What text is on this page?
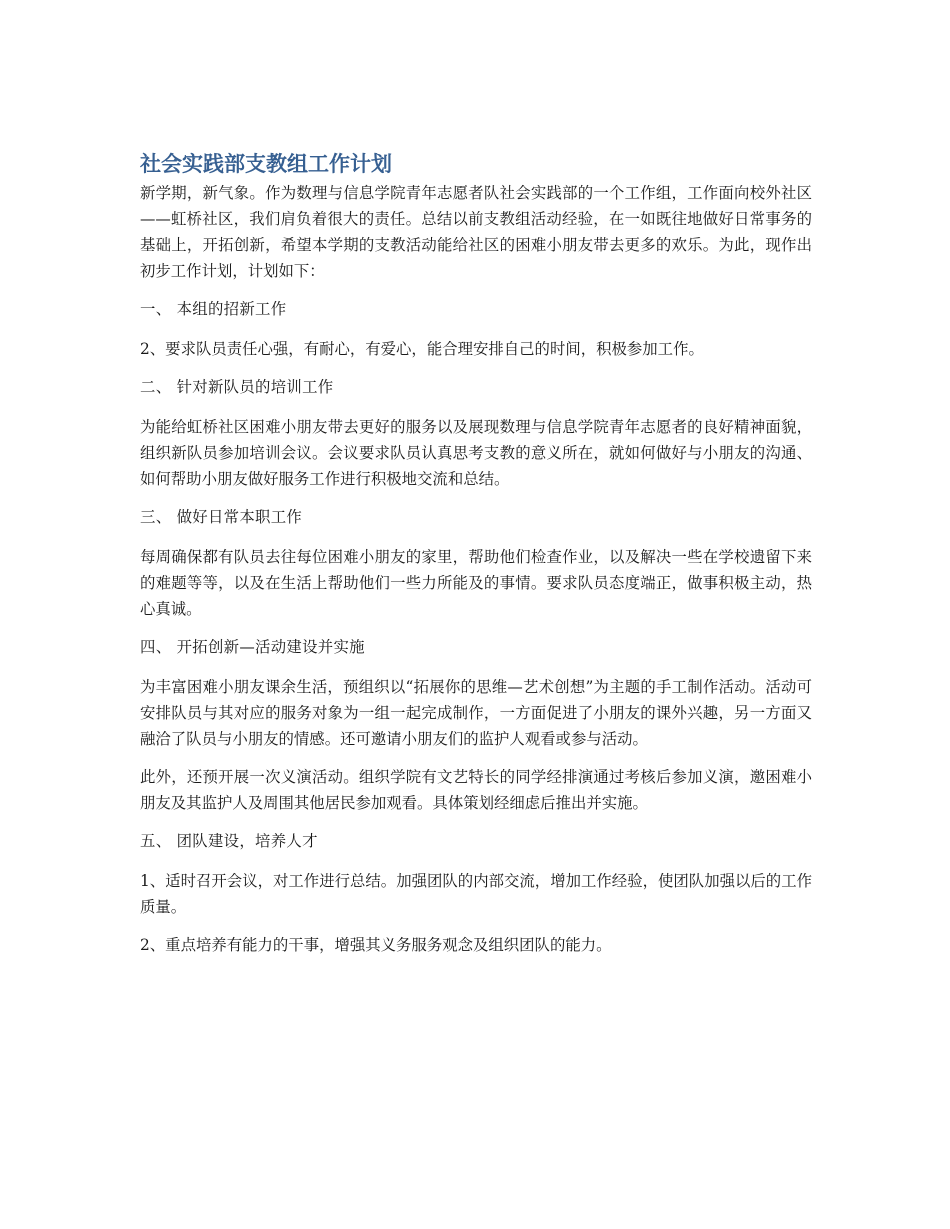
社会实践部支教组工作计划

新学期，新气象。作为数理与信息学院青年志愿者队社会实践部的一个工作组，工作面向校外社区——虹桥社区，我们肩负着很大的责任。总结以前支教组活动经验，在一如既往地做好日常事务的基础上，开拓创新，希望本学期的支教活动能给社区的困难小朋友带去更多的欢乐。为此，现作出初步工作计划，计划如下：

一、 本组的招新工作

2、要求队员责任心强，有耐心，有爱心，能合理安排自己的时间，积极参加工作。

二、 针对新队员的培训工作

为能给虹桥社区困难小朋友带去更好的服务以及展现数理与信息学院青年志愿者的良好精神面貌，组织新队员参加培训会议。会议要求队员认真思考支教的意义所在，就如何做好与小朋友的沟通、如何帮助小朋友做好服务工作进行积极地交流和总结。

三、 做好日常本职工作

每周确保都有队员去往每位困难小朋友的家里，帮助他们检查作业，以及解决一些在学校遗留下来的难题等等，以及在生活上帮助他们一些力所能及的事情。要求队员态度端正，做事积极主动，热心真诚。

四、 开拓创新—活动建设并实施

为丰富困难小朋友课余生活，预组织以“拓展你的思维—艺术创想”为主题的手工制作活动。活动可安排队员与其对应的服务对象为一组一起完成制作，一方面促进了小朋友的课外兴趣，另一方面又融洽了队员与小朋友的情感。还可邀请小朋友们的监护人观看或参与活动。

此外，还预开展一次义演活动。组织学院有文艺特长的同学经排演通过考核后参加义演，邀困难小朋友及其监护人及周围其他居民参加观看。具体策划经细虑后推出并实施。

五、 团队建设，培养人才

1、适时召开会议，对工作进行总结。加强团队的内部交流，增加工作经验，使团队加强以后的工作质量。

2、重点培养有能力的干事，增强其义务服务观念及组织团队的能力。
